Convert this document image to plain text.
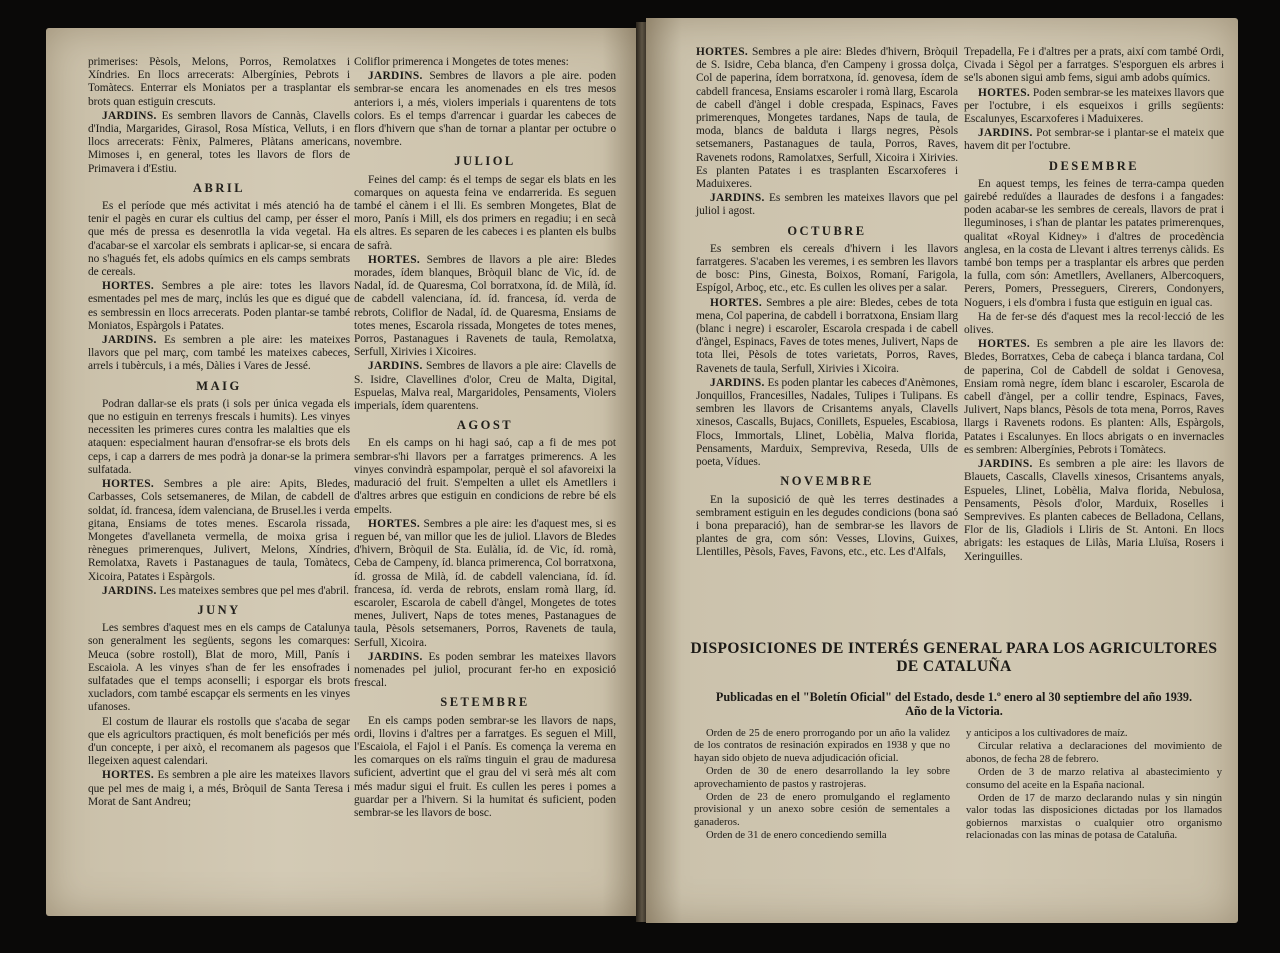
primerises: Pèsols, Melons, Porros, Remolatxes i Xíndries. En llocs arrecerats: Albergínies, Pebrots i Tomàtecs. Enterrar els Moniatos per a trasplantar els brots quan estiguin crescuts.

JARDINS. Es sembren llavors de Cannàs, Clavells d'India, Margarides, Girasol, Rosa Mística, Velluts, i en llocs arrecerats: Fènix, Palmeres, Plàtans americans, Mimoses i, en general, totes les llavors de flors de Primavera i d'Estiu.

ABRIL

Es el període que més activitat i més atenció ha de tenir el pagès en curar els cultius del camp, per ésser el que més de pressa es desenrotlla la vida vegetal. Ha d'acabar-se el xarcolar els sembrats i aplicar-se, si encara no s'hagués fet, els adobs químics en els camps sembrats de cereals.

HORTES. Sembres a ple aire: totes les llavors esmentades pel mes de març, inclús les que es digué que es sembressin en llocs arrecerats. Poden plantar-se també Moniatos, Espàrgols i Patates.

JARDINS. Es sembren a ple aire: les mateixes llavors que pel març, com també les mateixes cabeces, arrels i tubèrculs, i a més, Dàlies i Vares de Jessé.

MAIG

Podran dallar-se els prats (i sols per única vegada els que no estiguin en terrenys frescals i humits). Les vinyes necessiten les primeres cures contra les malalties que els ataquen: especialment hauran d'ensofrar-se els brots dels ceps, i cap a darrers de mes podrà ja donar-se la primera sulfatada.

HORTES. Sembres a ple aire: Apits, Bledes, Carbasses, Cols setsemaneres, de Milan, de cabdell de soldat, íd. francesa, ídem valenciana, de Brusel.les i verda gitana, Ensiams de totes menes. Escarola rissada, Mongetes d'avellaneta vermella, de moixa grisa i rènegues primerenques, Julivert, Melons, Xíndries, Remolatxa, Ravets i Pastanagues de taula, Tomàtecs, Xicoira, Patates i Espàrgols.

JARDINS. Les mateixes sembres que pel mes d'abril.

JUNY

Les sembres d'aquest mes en els camps de Catalunya son generalment les següents, segons les comarques: Meuca (sobre rostoll), Blat de moro, Mill, Panís i Escaiola. A les vinyes s'han de fer les ensofrades i sulfatades que el temps aconselli; i esporgar els brots xucladors, com també escapçar els serments en les vinyes ufanoses.

El costum de llaurar els rostolls que s'acaba de segar que els agricultors practiquen, és molt beneficiós per més d'un concepte, i per això, el recomanem als pagesos que llegeixen aquest calendari.

HORTES. Es sembren a ple aire les mateixes llavors que pel mes de maig i, a més, Bròquil de Santa Teresa i Morat de Sant Andreu;

Coliflor primerenca i Mongetes de totes menes:

JARDINS. Sembres de llavors a ple aire. poden sembrar-se encara les anomenades en els tres mesos anteriors i, a més, violers imperials i quarentens de tots colors. Es el temps d'arrencar i guardar les cabeces de flors d'hivern que s'han de tornar a plantar per octubre o novembre.

JULIOL

Feines del camp: és el temps de segar els blats en les comarques on aquesta feina ve endarrerida. Es seguen també el cànem i el lli. Es sembren Mongetes, Blat de moro, Panís i Mill, els dos primers en regadiu; i en secà els altres. Es separen de les cabeces i es planten els bulbs de safrà.

HORTES. Sembres de llavors a ple aire: Bledes morades, ídem blanques, Bròquil blanc de Vic, íd. de Nadal, íd. de Quaresma, Col borratxona, íd. de Milà, íd. de cabdell valenciana, íd. íd. francesa, íd. verda de rebrots, Coliflor de Nadal, íd. de Quaresma, Ensiams de totes menes, Escarola rissada, Mongetes de totes menes, Porros, Pastanagues i Ravenets de taula, Remolatxa, Serfull, Xirivies i Xicoires.

JARDINS. Sembres de llavors a ple aire: Clavells de S. Isidre, Clavellines d'olor, Creu de Malta, Digital, Espuelas, Malva real, Margaridoles, Pensaments, Violers imperials, ídem quarentens.

AGOST

En els camps on hi hagi saó, cap a fi de mes pot sembrar-s'hi llavors per a farratges primerencs. A les vinyes convindrà espampolar, perquè el sol afavoreixi la maduració del fruit. S'empelten a ullet els Ametllers i d'altres arbres que estiguin en condicions de rebre bé els empelts.

HORTES. Sembres a ple aire: les d'aquest mes, si es reguen bé, van millor que les de juliol. Llavors de Bledes d'hivern, Bròquil de Sta. Eulàlia, íd. de Vic, íd. romà, Ceba de Campeny, íd. blanca primerenca, Col borratxona, íd. grossa de Milà, íd. de cabdell valenciana, íd. íd. francesa, íd. verda de rebrots, enslam romà llarg, íd. escaroler, Escarola de cabell d'àngel, Mongetes de totes menes, Julivert, Naps de totes menes, Pastanagues de taula, Pèsols setsemaners, Porros, Ravenets de taula, Serfull, Xicoira.

JARDINS. Es poden sembrar les mateixes llavors nomenades pel juliol, procurant fer-ho en exposició frescal.

SETEMBRE

En els camps poden sembrar-se les llavors de naps, ordi, llovins i d'altres per a farratges. Es seguen el Mill, l'Escaiola, el Fajol i el Panís. Es comença la verema en les comarques on els raïms tinguin el grau de maduresa suficient, advertint que el grau del vi serà més alt com més madur sigui el fruit. Es cullen les peres i pomes a guardar per a l'hivern. Si la humitat és suficient, poden sembrar-se les llavors de bosc.

HORTES. Sembres a ple aire: Bledes d'hivern, Bròquil de S. Isidre, Ceba blanca, d'en Campeny i grossa dolça, Col de paperina, ídem borratxona, íd. genovesa, ídem de cabdell francesa, Ensiams escaroler i romà llarg, Escarola de cabell d'àngel i doble crespada, Espinacs, Faves primerenques, Mongetes tardanes, Naps de taula, de moda, blancs de balduta i llargs negres, Pèsols setsemaners, Pastanagues de taula, Porros, Raves, Ravenets rodons, Ramolatxes, Serfull, Xicoira i Xirivies. Es planten Patates i es trasplanten Escarxoferes i Maduixeres.

JARDINS. Es sembren les mateixes llavors que pel juliol i agost.

OCTUBRE

Es sembren els cereals d'hivern i les llavors farratgeres. S'acaben les veremes, i es sembren les llavors de bosc: Pins, Ginesta, Boixos, Romaní, Farigola, Espígol, Arboç, etc., etc. Es cullen les olives per a salar.

HORTES. Sembres a ple aire: Bledes, cebes de tota mena, Col paperina, de cabdell i borratxona, Ensiam llarg (blanc i negre) i escaroler, Escarola crespada i de cabell d'àngel, Espinacs, Faves de totes menes, Julivert, Naps de tota llei, Pèsols de totes varietats, Porros, Raves, Ravenets de taula, Serfull, Xirivies i Xicoira.

JARDINS. Es poden plantar les cabeces d'Anèmones, Jonquillos, Francesilles, Nadales, Tulipes i Tulipans. Es sembren les llavors de Crisantems anyals, Clavells xinesos, Cascalls, Bujacs, Conillets, Espueles, Escabiosa, Flocs, Immortals, Llinet, Lobèlia, Malva florida, Pensaments, Marduix, Sempreviva, Reseda, Ulls de poeta, Vídues.

NOVEMBRE

En la suposició de què les terres destinades a sembrament estiguin en les degudes condicions (bona saó i bona preparació), han de sembrar-se les llavors de plantes de gra, com són: Vesses, Llovins, Guixes, Llentilles, Pèsols, Faves, Favons, etc., etc. Les d'Alfals,

Trepadella, Fe i d'altres per a prats, així com també Ordi, Civada i Sègol per a farratges. S'esporguen els arbres i se'ls abonen sigui amb fems, sigui amb adobs químics.

HORTES. Poden sembrar-se les mateixes llavors que per l'octubre, i els esqueixos i grills següents: Escalunyes, Escarxoferes i Maduixeres.

JARDINS. Pot sembrar-se i plantar-se el mateix que havem dit per l'octubre.

DESEMBRE

En aquest temps, les feines de terra-campa queden gairebé reduïdes a llaurades de desfons i a fangades: poden acabar-se les sembres de cereals, llavors de prat i lleguminoses, i s'han de plantar les patates primerenques, qualitat «Royal Kidney» i d'altres de procedència anglesa, en la costa de Llevant i altres terrenys càlids. Es també bon temps per a trasplantar els arbres que perden la fulla, com són: Ametllers, Avellaners, Albercoquers, Perers, Pomers, Presseguers, Cirerers, Condonyers, Noguers, i els d'ombra i fusta que estiguin en igual cas.

Ha de fer-se dés d'aquest mes la recol·lecció de les olives.

HORTES. Es sembren a ple aire les llavors de: Bledes, Borratxes, Ceba de cabeça i blanca tardana, Col de paperina, Col de Cabdell de soldat i Genovesa, Ensiam romà negre, ídem blanc i escaroler, Escarola de cabell d'àngel, per a collir tendre, Espinacs, Faves, Julivert, Naps blancs, Pèsols de tota mena, Porros, Raves llargs i Ravenets rodons. Es planten: Alls, Espàrgols, Patates i Escalunyes. En llocs abrigats o en invernacles es sembren: Albergínies, Pebrots i Tomàtecs.

JARDINS. Es sembren a ple aire: les llavors de Blauets, Cascalls, Clavells xinesos, Crisantems anyals, Espueles, Llinet, Lobèlia, Malva florida, Nebulosa, Pensaments, Pèsols d'olor, Marduix, Roselles i Semprevives. Es planten cabeces de Belladona, Cellans, Flor de lis, Gladiols i Lliris de St. Antoni. En llocs abrigats: les estaques de Lilàs, Maria Lluïsa, Rosers i Xeringuilles.

DISPOSICIONES DE INTERÉS GENERAL PARA LOS AGRICULTORES DE CATALUÑA
Publicadas en el "Boletín Oficial" del Estado, desde 1.º enero al 30 septiembre del año 1939. Año de la Victoria.

Orden de 25 de enero prorrogando por un año la validez de los contratos de resinación expirados en 1938 y que no hayan sido objeto de nueva adjudicación oficial.

Orden de 30 de enero desarrollando la ley sobre aprovechamiento de pastos y rastrojeras.

Orden de 23 de enero promulgando el reglamento provisional y un anexo sobre cesión de sementales a ganaderos.

Orden de 31 de enero concediendo semilla

y anticipos a los cultivadores de maíz.

Circular relativa a declaraciones del movimiento de abonos, de fecha 28 de febrero.

Orden de 3 de marzo relativa al abastecimiento y consumo del aceite en la España nacional.

Orden de 17 de marzo declarando nulas y sin ningún valor todas las disposiciones dictadas por los llamados gobiernos marxistas o cualquier otro organismo relacionadas con las minas de potasa de Cataluña.
